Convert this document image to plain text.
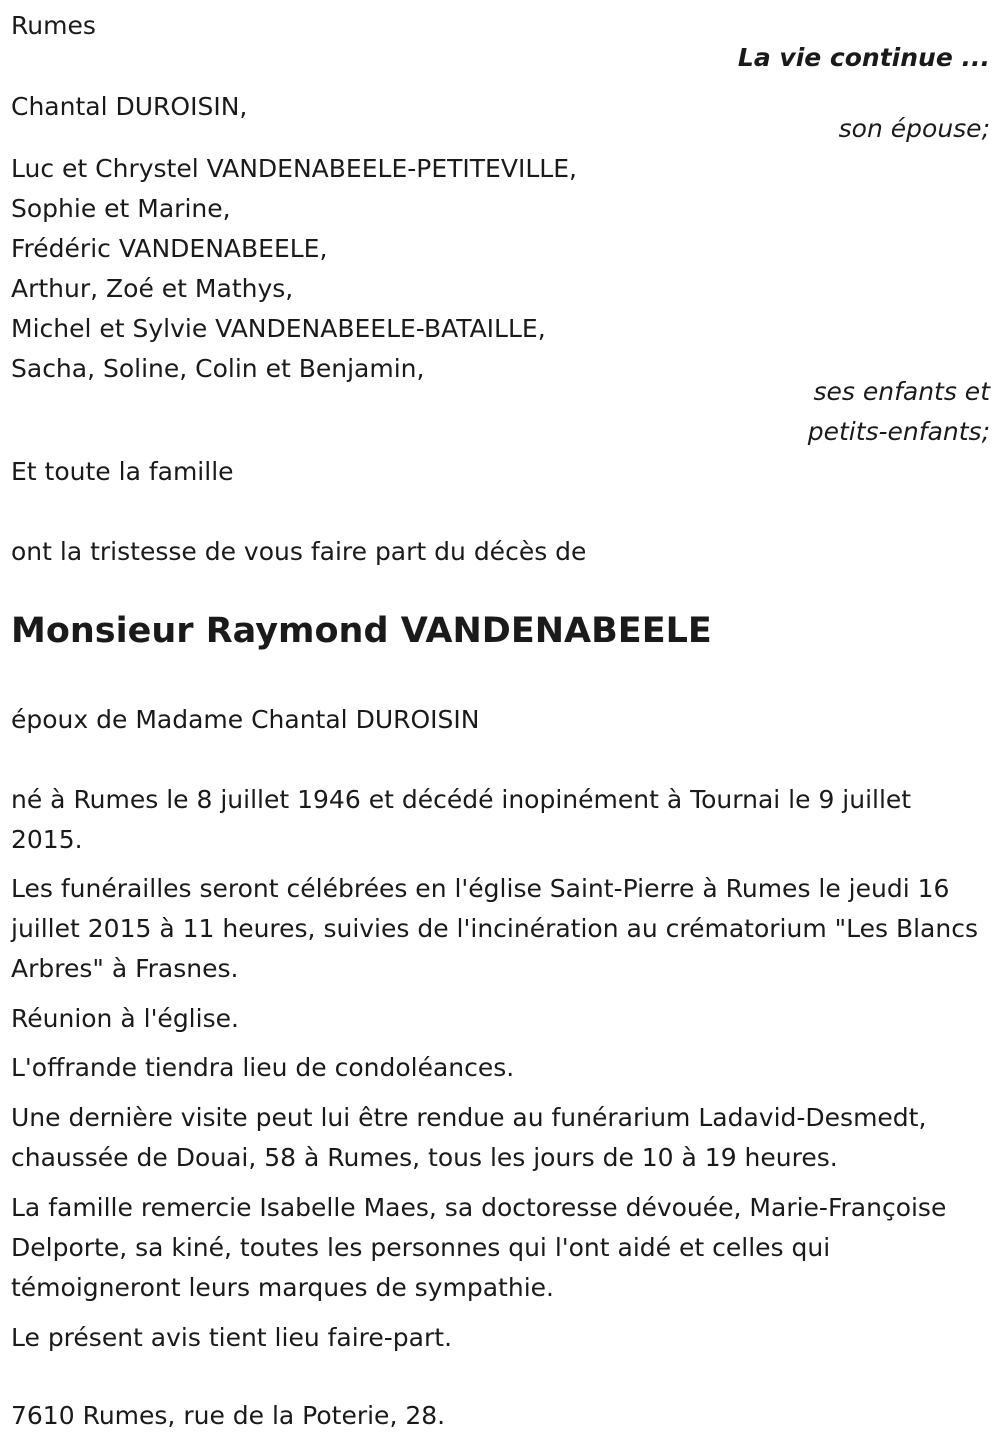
Rumes
La vie continue ...
Chantal DUROISIN,
son épouse;
Luc et Chrystel VANDENABEELE-PETITEVILLE,
Sophie et Marine,
Frédéric VANDENABEELE,
Arthur, Zoé et Mathys,
Michel et Sylvie VANDENABEELE-BATAILLE,
Sacha, Soline, Colin et Benjamin,
ses enfants et
petits-enfants;
Et toute la famille
ont la tristesse de vous faire part du décès de
Monsieur Raymond VANDENABEELE
époux de Madame Chantal DUROISIN
né à Rumes le 8 juillet 1946 et décédé inopinément à Tournai le 9 juillet 2015.
Les funérailles seront célébrées en l'église Saint-Pierre à Rumes le jeudi 16 juillet 2015 à 11 heures, suivies de l'incinération au crématorium "Les Blancs Arbres" à Frasnes.
Réunion à l'église.
L'offrande tiendra lieu de condoléances.
Une dernière visite peut lui être rendue au funérarium Ladavid-Desmedt, chaussée de Douai, 58 à Rumes, tous les jours de 10 à 19 heures.
La famille remercie Isabelle Maes, sa doctoresse dévouée, Marie-Françoise Delporte, sa kiné, toutes les personnes qui l'ont aidé et celles qui témoigneront leurs marques de sympathie.
Le présent avis tient lieu faire-part.
7610 Rumes, rue de la Poterie, 28.
